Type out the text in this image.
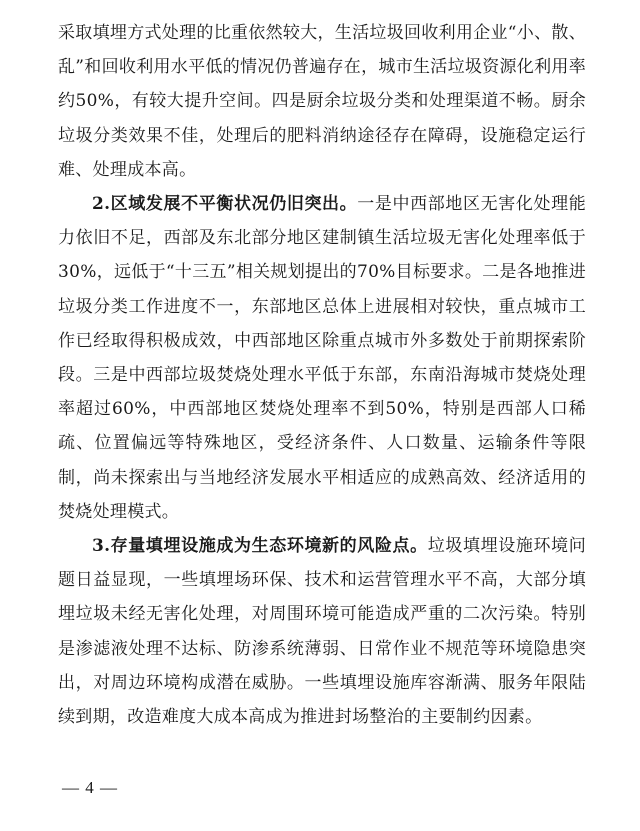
采取填埋方式处理的比重依然较大，生活垃圾回收利用企业“小、散、乱”和回收利用水平低的情况仍普遍存在，城市生活垃圾资源化利用率约50%，有较大提升空间。四是厨余垃圾分类和处理渠道不畅。厨余垃圾分类效果不佳，处理后的肥料消纳途径存在障碍，设施稳定运行难、处理成本高。

2.区域发展不平衡状况仍旧突出。一是中西部地区无害化处理能力依旧不足，西部及东北部分地区建制镇生活垃圾无害化处理率低于30%，远低于“十三五”相关规划提出的70%目标要求。二是各地推进垃圾分类工作进度不一，东部地区总体上进展相对较快，重点城市工作已经取得积极成效，中西部地区除重点城市外多数处于前期探索阶段。三是中西部垃圾焚烧处理水平低于东部，东南沿海城市焚烧处理率超过60%，中西部地区焚烧处理率不到50%，特别是西部人口稀疏、位置偏远等特殊地区，受经济条件、人口数量、运输条件等限制，尚未探索出与当地经济发展水平相适应的成熟高效、经济适用的焚烧处理模式。

3.存量填埋设施成为生态环境新的风险点。垃圾填埋设施环境问题日益显现，一些填埋场环保、技术和运营管理水平不高，大部分填埋垃圾未经无害化处理，对周围环境可能造成严重的二次污染。特别是渗滤液处理不达标、防渗系统薄弱、日常作业不规范等环境隐患突出，对周边环境构成潜在威胁。一些填埋设施库容渐满、服务年限陆续到期，改造难度大成本高成为推进封场整治的主要制约因素。

— 4 —
